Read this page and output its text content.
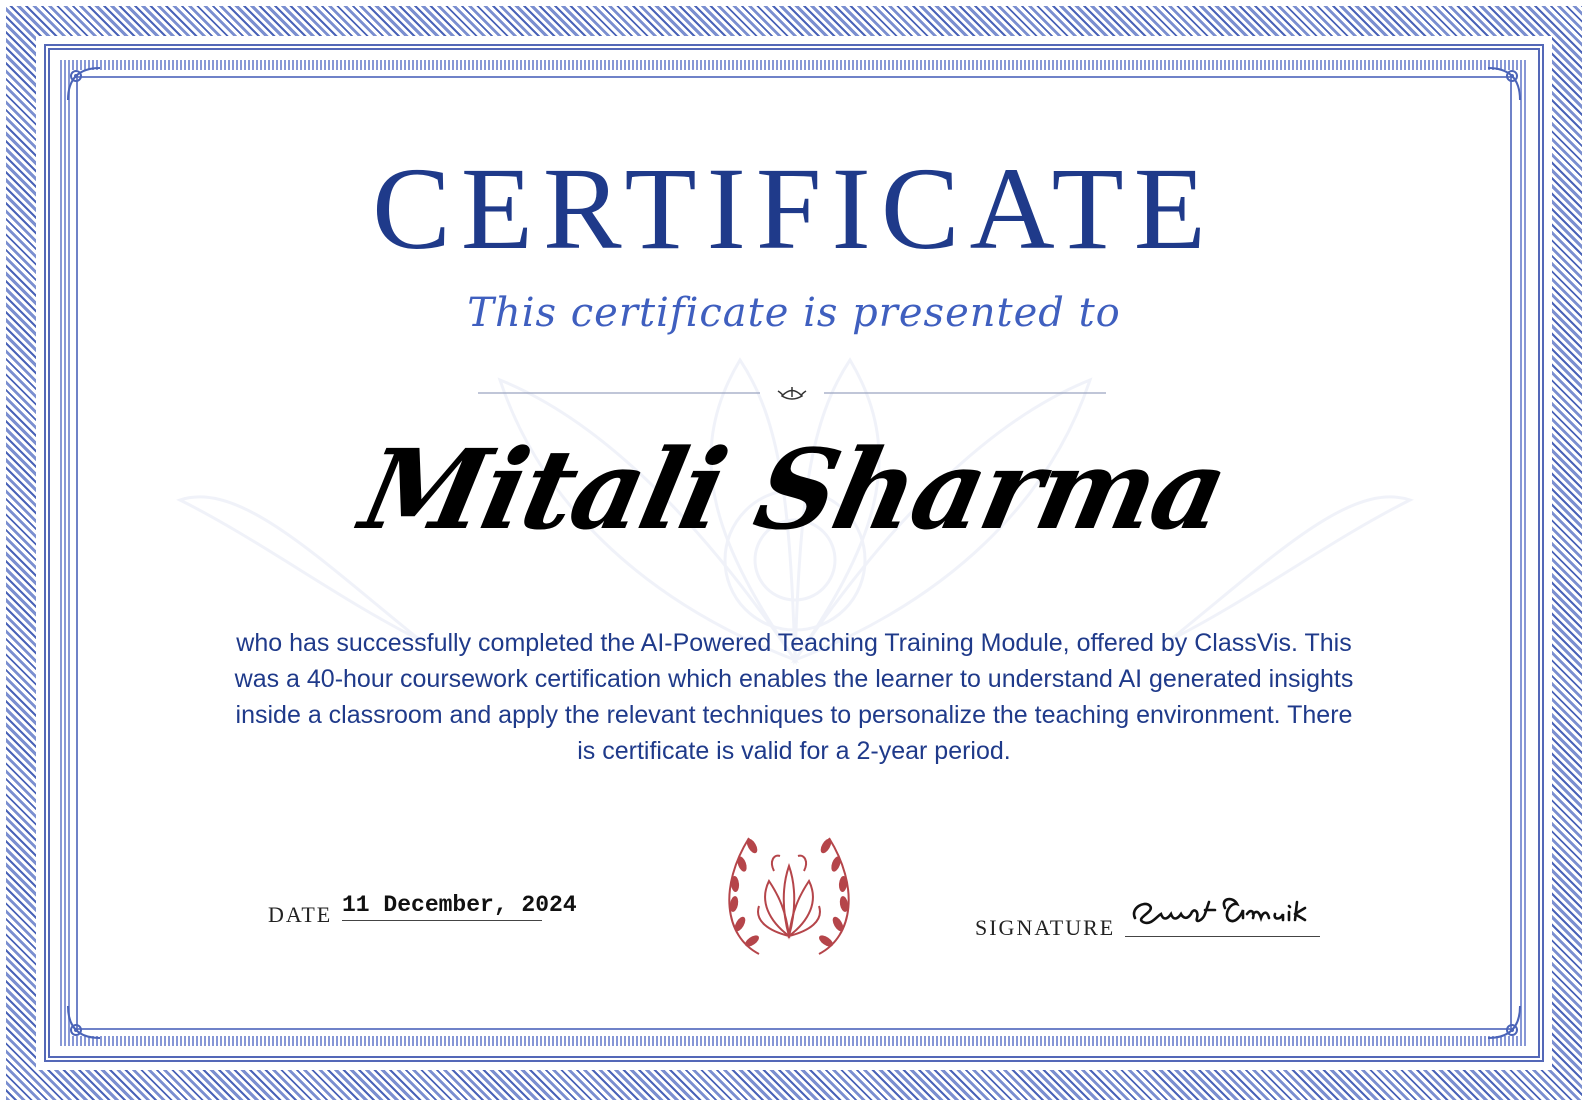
CERTIFICATE
This certificate is presented to
Mitali Sharma
who has successfully completed the AI-Powered Teaching Training Module, offered by ClassVis. This was a 40-hour coursework certification which enables the learner to understand AI generated insights inside a classroom and apply the relevant techniques to personalize the teaching environment. There is certificate is valid for a 2-year period.
DATE 11 December, 2024
SIGNATURE
